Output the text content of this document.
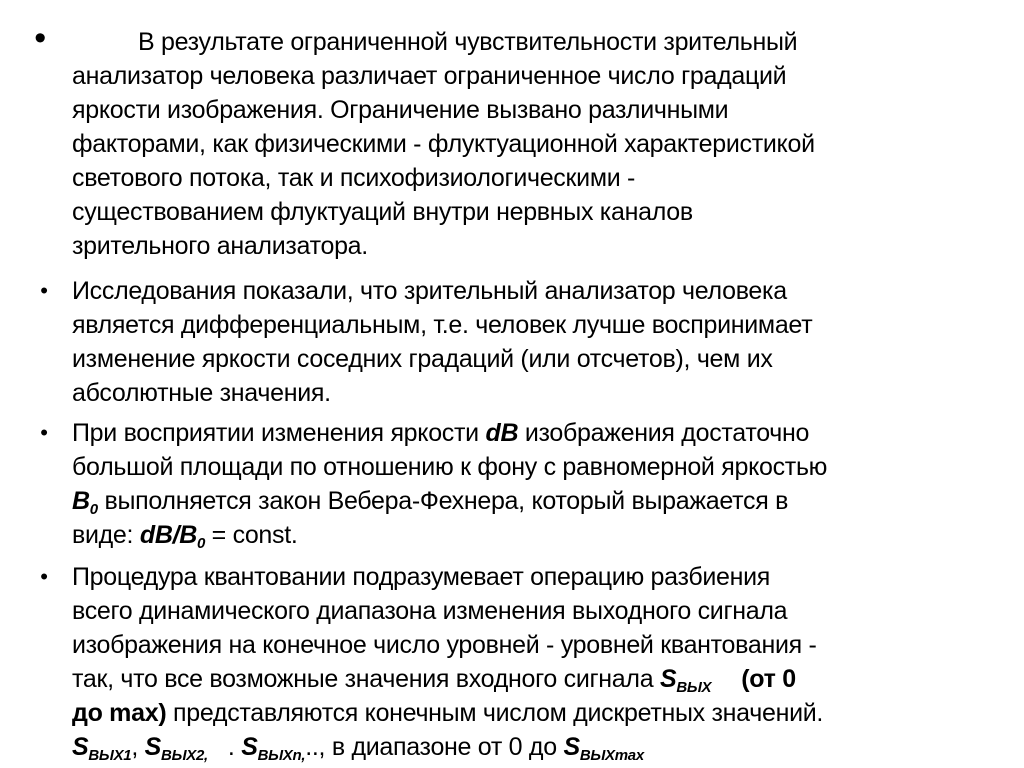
•	В результате ограниченной чувствительности зрительный
анализатор человека различает ограниченное число градаций
яркости изображения. Ограничение вызвано различными
факторами, как физическими - флуктуационной характеристикой
светового потока, так и психофизиологическими -
существованием флуктуаций внутри нервных каналов
зрительного анализатора.
• Исследования показали, что зрительный анализатор человека
является дифференциальным, т.е. человек лучше воспринимает
изменение яркости соседних градаций (или отсчетов), чем их
абсолютные значения.
• При восприятии изменения яркости dB изображения достаточно
большой площади по отношению к фону с равномерной яркостью
$B_0$ выполняется закон Вебера-Фехнера, который выражается в
виде: $dB/B_0$ = const.
• Процедура квантовании подразумевает операцию разбиения
всего динамического диапазона изменения выходного сигнала
изображения на конечное число уровней - уровней квантования -
так, что все возможные значения входного сигнала $S_{ВЫХ}$ (от 0
до max) представляются конечным числом дискретных значений.
$S_{ВЫХ1}$, $S_{ВЫХ2,}$ . $S_{ВЫХn,}$.., в диапазоне от 0 до $S_{ВЫХmax}$
